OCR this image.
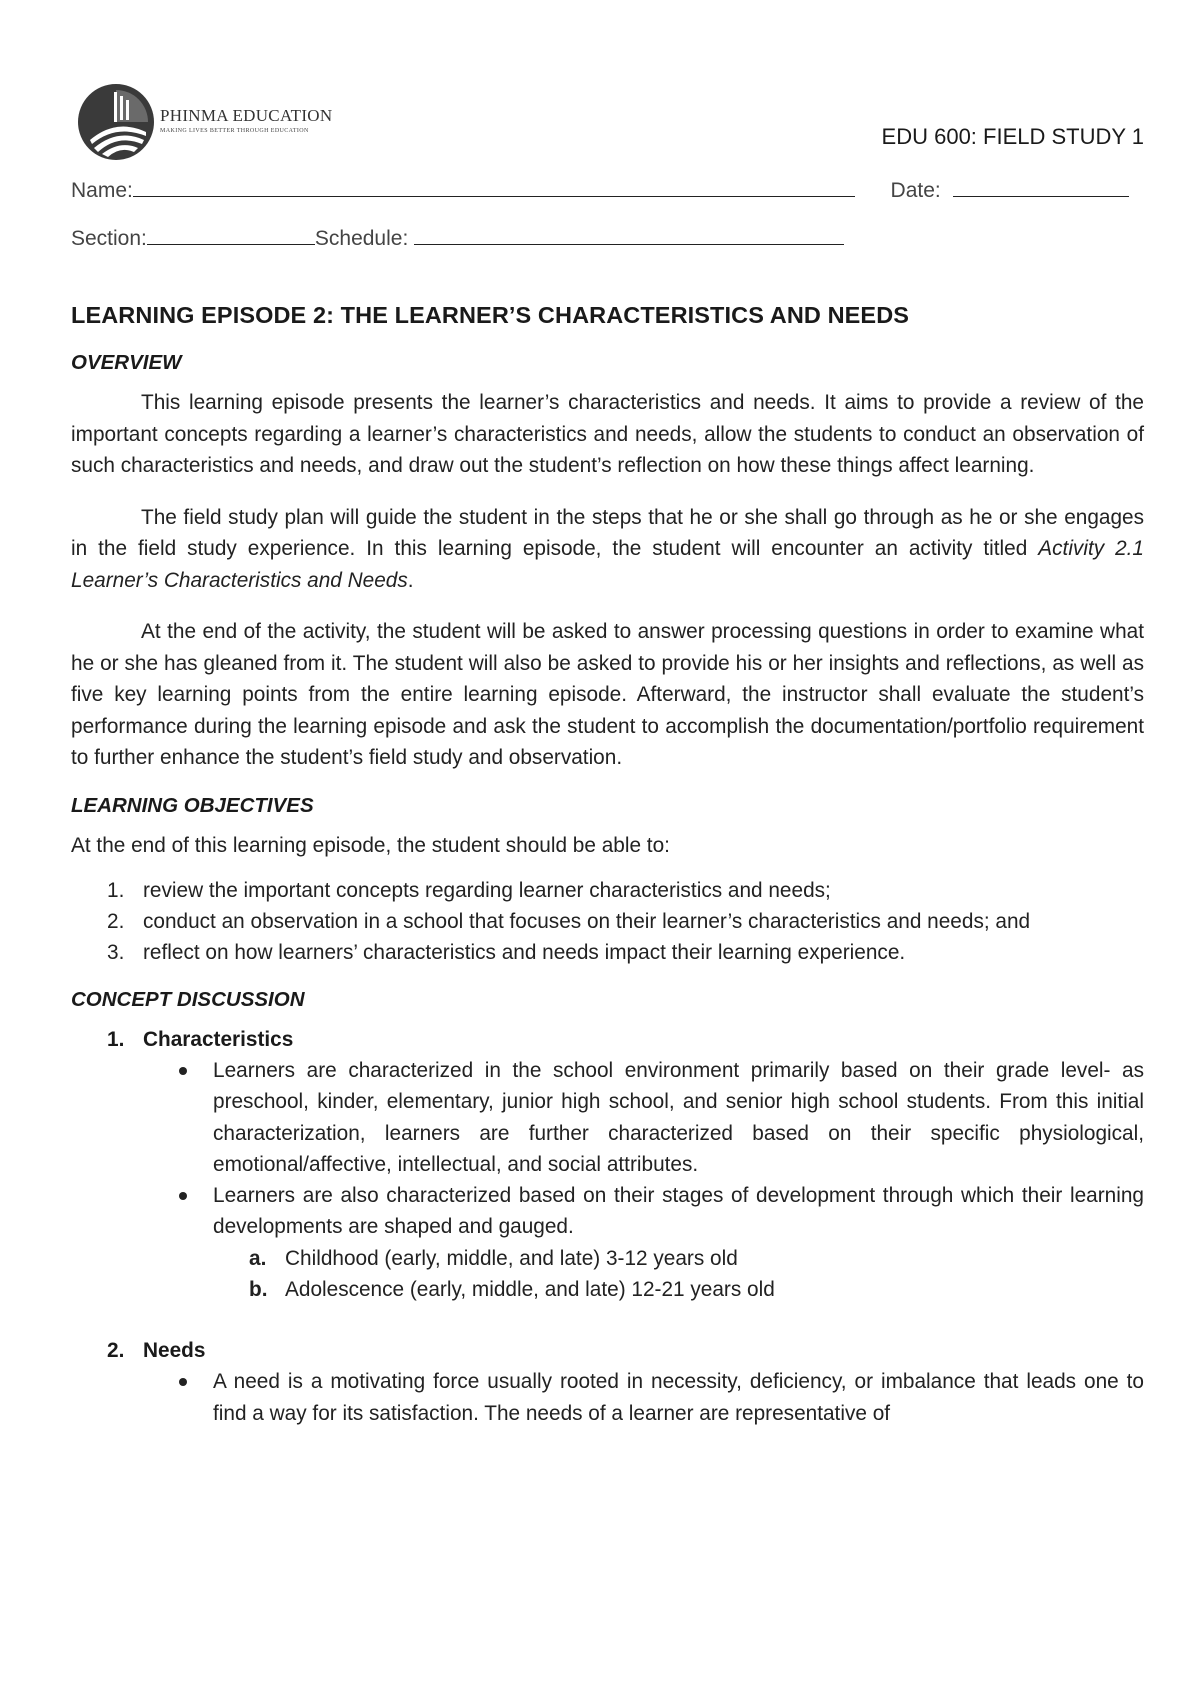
PHINMA EDUCATION
MAKING LIVES BETTER THROUGH EDUCATION	EDU 600: FIELD STUDY 1
Name:	Date:
Section:	Schedule:
LEARNING EPISODE 2: THE LEARNER’S CHARACTERISTICS AND NEEDS
OVERVIEW

This learning episode presents the learner’s characteristics and needs. It aims to provide a review of the important concepts regarding a learner’s characteristics and needs, allow the students to conduct an observation of such characteristics and needs, and draw out the student’s reflection on how these things affect learning.

The field study plan will guide the student in the steps that he or she shall go through as he or she engages in the field study experience. In this learning episode, the student will encounter an activity titled Activity 2.1 Learner’s Characteristics and Needs.

At the end of the activity, the student will be asked to answer processing questions in order to examine what he or she has gleaned from it. The student will also be asked to provide his or her insights and reflections, as well as five key learning points from the entire learning episode. Afterward, the instructor shall evaluate the student’s performance during the learning episode and ask the student to accomplish the documentation/portfolio requirement to further enhance the student’s field study and observation.

LEARNING OBJECTIVES

At the end of this learning episode, the student should be able to:

1. review the important concepts regarding learner characteristics and needs;
2. conduct an observation in a school that focuses on their learner’s characteristics and needs; and
3. reflect on how learners’ characteristics and needs impact their learning experience.
CONCEPT DISCUSSION
1. Characteristics
Learners are characterized in the school environment primarily based on their grade level- as preschool, kinder, elementary, junior high school, and senior high school students. From this initial characterization, learners are further characterized based on their specific physiological, emotional/affective, intellectual, and social attributes.
Learners are also characterized based on their stages of development through which their learning developments are shaped and gauged.
a. Childhood (early, middle, and late) 3-12 years old
b. Adolescence (early, middle, and late) 12-21 years old
2. Needs
A need is a motivating force usually rooted in necessity, deficiency, or imbalance that leads one to find a way for its satisfaction. The needs of a learner are representative of
